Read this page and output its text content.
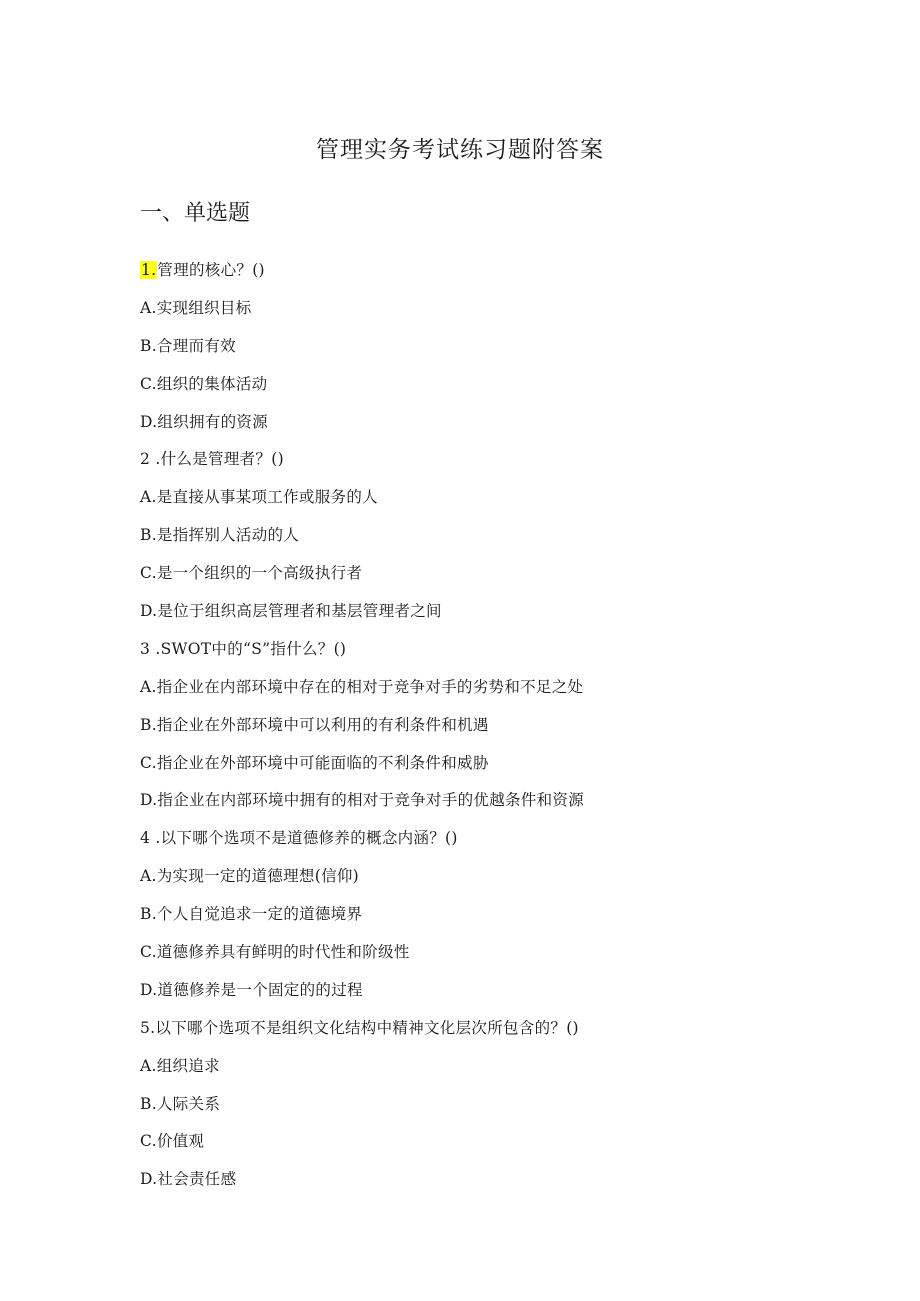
管理实务考试练习题附答案
一、单选题
1.管理的核心？()
A.实现组织目标
B.合理而有效
C.组织的集体活动
D.组织拥有的资源
2 .什么是管理者？()
A.是直接从事某项工作或服务的人
B.是指挥别人活动的人
C.是一个组织的一个高级执行者
D.是位于组织高层管理者和基层管理者之间
3 .SWOT中的“S”指什么？()
A.指企业在内部环境中存在的相对于竞争对手的劣势和不足之处
B.指企业在外部环境中可以利用的有利条件和机遇
C.指企业在外部环境中可能面临的不利条件和威胁
D.指企业在内部环境中拥有的相对于竞争对手的优越条件和资源
4 .以下哪个选项不是道德修养的概念内涵？()
A.为实现一定的道德理想(信仰)
B.个人自觉追求一定的道德境界
C.道德修养具有鲜明的时代性和阶级性
D.道德修养是一个固定的的过程
5.以下哪个选项不是组织文化结构中精神文化层次所包含的？()
A.组织追求
B.人际关系
C.价值观
D.社会责任感
